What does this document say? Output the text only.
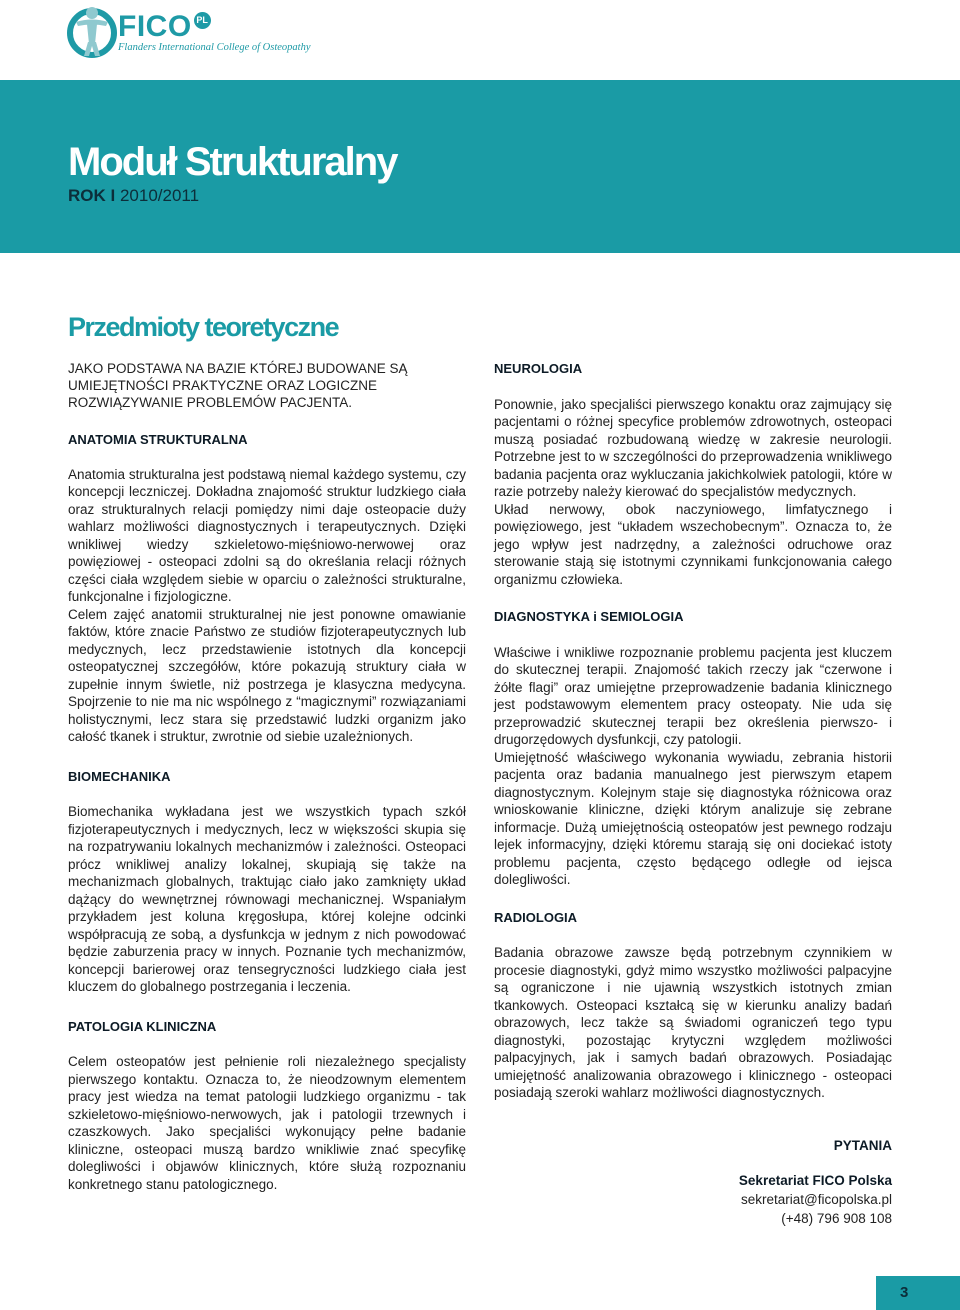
FICO PL
Flanders International College of Osteopathy
Moduł Strukturalny
ROK I 2010/2011
Przedmioty teoretyczne

JAKO PODSTAWA NA BAZIE KTÓREJ BUDOWANE SĄ UMIEJĘTNOŚCI PRAKTYCZNE ORAZ LOGICZNE ROZWIĄZYWANIE PROBLEMÓW PACJENTA.

ANATOMIA STRUKTURALNA

Anatomia strukturalna jest podstawą niemal każdego systemu, czy koncepcji leczniczej. Dokładna znajomość struktur ludzkiego ciała oraz strukturalnych relacji pomiędzy nimi daje osteopacie duży wahlarz możliwości diagnostycznych i terapeutycznych. Dzięki wnikliwej wiedzy szkieletowo-mięśniowo-nerwowej oraz powięziowej - osteopaci zdolni są do określania relacji różnych części ciała względem siebie w oparciu o zależności strukturalne, funkcjonalne i fizjologiczne.

Celem zajęć anatomii strukturalnej nie jest ponowne omawianie faktów, które znacie Państwo ze studiów fizjoterapeutycznych lub medycznych, lecz przedstawienie istotnych dla koncepcji osteopatycznej szczegółów, które pokazują struktury ciała w zupełnie innym świetle, niż postrzega je klasyczna medycyna. Spojrzenie to nie ma nic wspólnego z “magicznymi” rozwiązaniami holistycznymi, lecz stara się przedstawić ludzki organizm jako całość tkanek i struktur, zwrotnie od siebie uzależnionych.

BIOMECHANIKA

Biomechanika wykładana jest we wszystkich typach szkół fizjoterapeutycznych i medycznych, lecz w większości skupia się na rozpatrywaniu lokalnych mechanizmów i zależności. Osteopaci prócz wnikliwej analizy lokalnej, skupiają się także na mechanizmach globalnych, traktując ciało jako zamknięty układ dążący do wewnętrznej równowagi mechanicznej. Wspaniałym przykładem jest koluna kręgosłupa, której kolejne odcinki współpracują ze sobą, a dysfunkcja w jednym z nich powodować będzie zaburzenia pracy w innych. Poznanie tych mechanizmów, koncepcji barierowej oraz tensegryczności ludzkiego ciała jest kluczem do globalnego postrzegania i leczenia.

PATOLOGIA KLINICZNA

Celem osteopatów jest pełnienie roli niezależnego specjalisty pierwszego kontaktu. Oznacza to, że nieodzownym elementem pracy jest wiedza na temat patologii ludzkiego organizmu - tak szkieletowo-mięśniowo-nerwowych, jak i patologii trzewnych i czaszkowych. Jako specjaliści wykonujący pełne badanie kliniczne, osteopaci muszą bardzo wnikliwie znać specyfikę dolegliwości i objawów klinicznych, które służą rozpoznaniu konkretnego stanu patologicznego.

NEUROLOGIA

Ponownie, jako specjaliści pierwszego konaktu oraz zajmujący się pacjentami o różnej specyfice problemów zdrowotnych, osteopaci muszą posiadać rozbudowaną wiedzę w zakresie neurologii. Potrzebne jest to w szczególności do przeprowadzenia wnikliwego badania pacjenta oraz wykluczania jakichkolwiek patologii, które w razie potrzeby należy kierować do specjalistów medycznych.

Układ nerwowy, obok naczyniowego, limfatycznego i powięziowego, jest “układem wszechobecnym”. Oznacza to, że jego wpływ jest nadrzędny, a zależności odruchowe oraz sterowanie stają się istotnymi czynnikami funkcjonowania całego organizmu człowieka.

DIAGNOSTYKA i SEMIOLOGIA

Właściwe i wnikliwe rozpoznanie problemu pacjenta jest kluczem do skutecznej terapii. Znajomość takich rzeczy jak “czerwone i żółte flagi” oraz umiejętne przeprowadzenie badania klinicznego jest podstawowym elementem pracy osteopaty. Nie uda się przeprowadzić skutecznej terapii bez określenia pierwszo- i drugorzędowych dysfunkcji, czy patologii.

Umiejętność właściwego wykonania wywiadu, zebrania historii pacjenta oraz badania manualnego jest pierwszym etapem diagnostycznym. Kolejnym staje się diagnostyka różnicowa oraz wnioskowanie kliniczne, dzięki którym analizuje się zebrane informacje. Dużą umiejętnością osteopatów jest pewnego rodzaju lejek informacyjny, dzięki któremu starają się oni dociekać istoty problemu pacjenta, często będącego odległe od iejsca dolegliwości.

RADIOLOGIA

Badania obrazowe zawsze będą potrzebnym czynnikiem w procesie diagnostyki, gdyż mimo wszystko możliwości palpacyjne są ograniczone i nie ujawnią wszystkich istotnych zmian tkankowych. Osteopaci kształcą się w kierunku analizy badań obrazowych, lecz także są świadomi ograniczeń tego typu diagnostyki, pozostając krytyczni względem możliwości palpacyjnych, jak i samych badań obrazowych. Posiadając umiejętność analizowania obrazowego i klinicznego - osteopaci posiadają szeroki wahlarz możliwości diagnostycznych.

PYTANIA
Sekretariat FICO Polska
sekretariat@ficopolska.pl
(+48) 796 908 108
3
